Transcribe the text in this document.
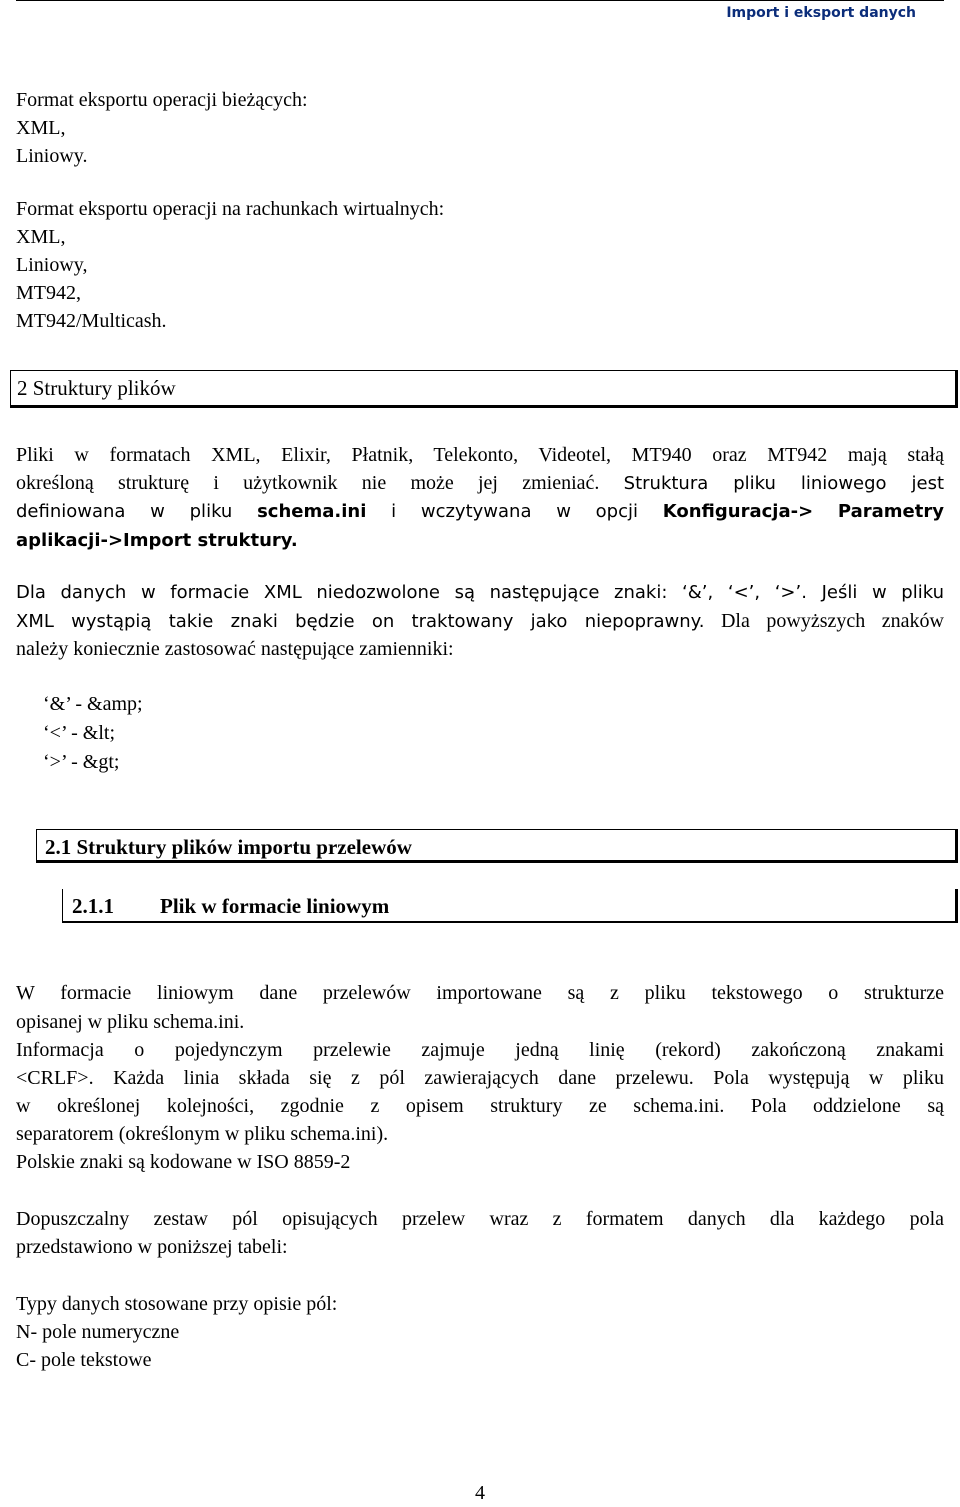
Import i eksport danych
Format eksportu operacji bieżących:
XML,
Liniowy.
Format eksportu operacji na rachunkach wirtualnych:
XML,
Liniowy,
MT942,
MT942/Multicash.
2 Struktury plików
Pliki w formatach XML, Elixir, Płatnik, Telekonto, Videotel, MT940 oraz MT942 mają stałą
określoną strukturę i użytkownik nie może jej zmieniać. Struktura pliku liniowego jest
definiowana w pliku schema.ini i wczytywana w opcji Konfiguracja-> Parametry
aplikacji->Import struktury.
Dla danych w formacie XML niedozwolone są następujące znaki: ‘&’, ‘<’, ‘>’. Jeśli w pliku
XML wystąpią takie znaki będzie on traktowany jako niepoprawny. Dla powyższych znaków
należy koniecznie zastosować następujące zamienniki:
‘&’ - &amp;
‘<’ - &lt;
‘>’ - &gt;
2.1 Struktury plików importu przelewów
2.1.1 Plik w formacie liniowym
W formacie liniowym dane przelewów importowane są z pliku tekstowego o strukturze
opisanej w pliku schema.ini.
Informacja o pojedynczym przelewie zajmuje jedną linię (rekord) zakończoną znakami
<CRLF>. Każda linia składa się z pól zawierających dane przelewu. Pola występują w pliku
w określonej kolejności, zgodnie z opisem struktury ze schema.ini. Pola oddzielone są
separatorem (określonym w pliku schema.ini).
Polskie znaki są kodowane w ISO 8859-2
Dopuszczalny zestaw pól opisujących przelew wraz z formatem danych dla każdego pola
przedstawiono w poniższej tabeli:
Typy danych stosowane przy opisie pól:
N- pole numeryczne
C- pole tekstowe
4
